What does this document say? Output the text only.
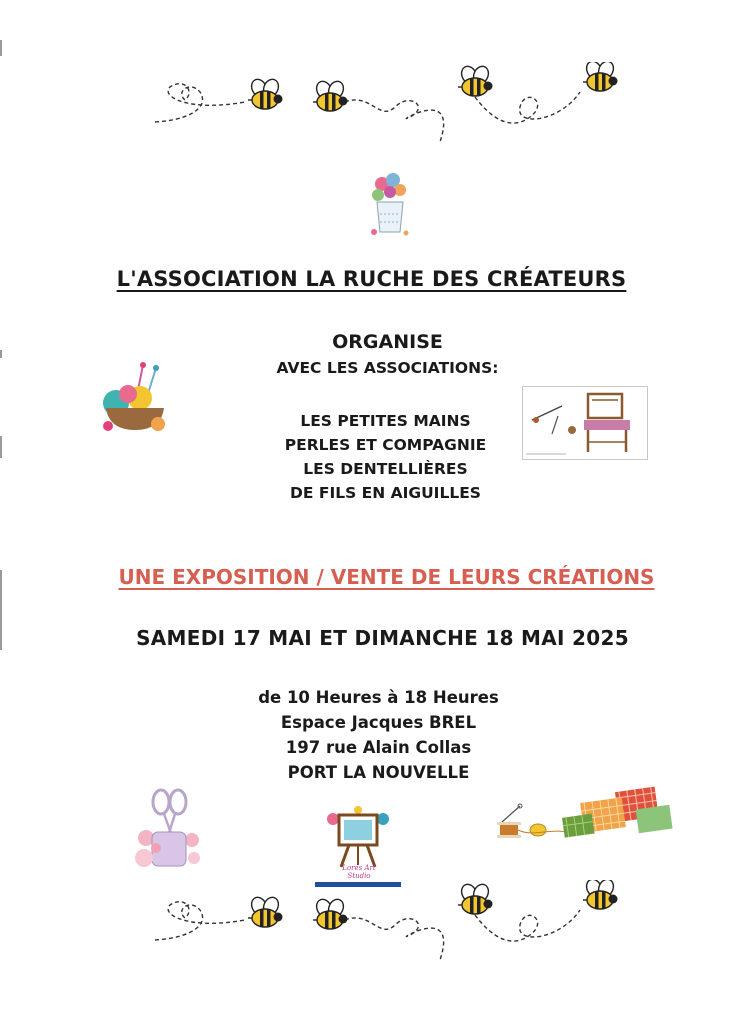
L'ASSOCIATION LA RUCHE DES CRÉATEURS
ORGANISE
AVEC LES ASSOCIATIONS:
LES PETITES MAINS
PERLES ET COMPAGNIE
LES DENTELLIÈRES
DE FILS EN AIGUILLES
UNE EXPOSITION / VENTE DE LEURS CRÉATIONS
SAMEDI 17 MAI ET DIMANCHE 18 MAI 2025
de 10 Heures à 18 Heures
Espace Jacques BREL
197 rue Alain Collas
PORT LA NOUVELLE
Lores Art Studio
